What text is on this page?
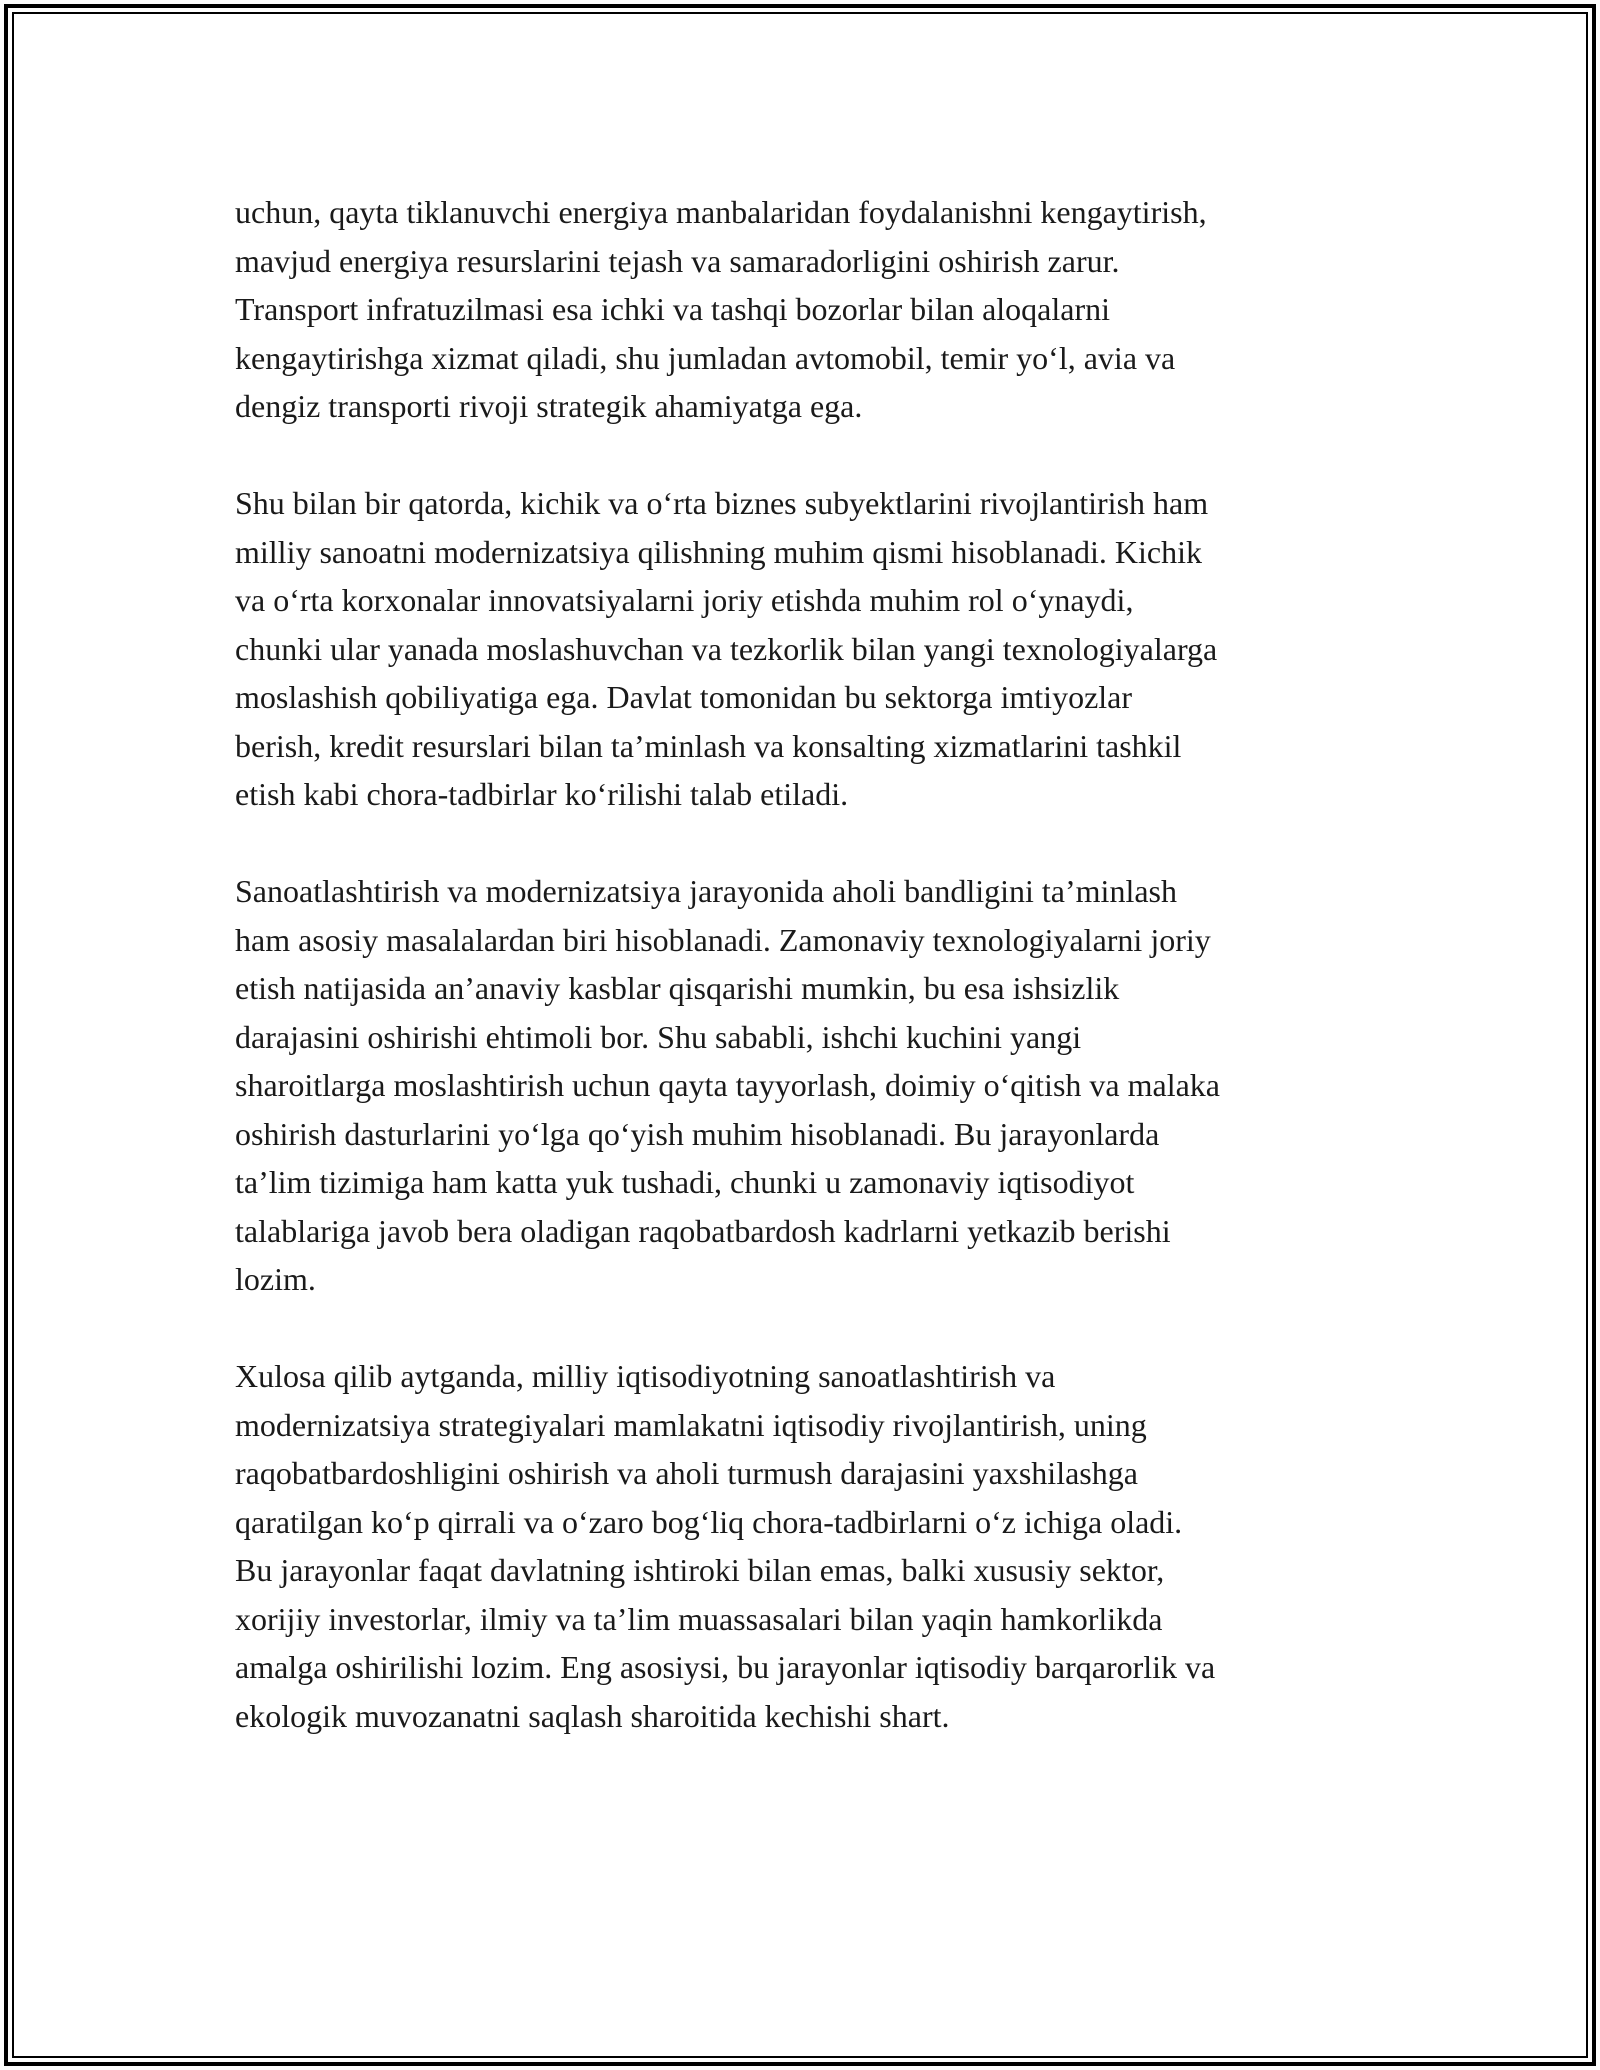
uchun, qayta tiklanuvchi energiya manbalaridan foydalanishni kengaytirish,
mavjud energiya resurslarini tejash va samaradorligini oshirish zarur.
Transport infratuzilmasi esa ichki va tashqi bozorlar bilan aloqalarni
kengaytirishga xizmat qiladi, shu jumladan avtomobil, temir yo‘l, avia va
dengiz transporti rivoji strategik ahamiyatga ega.

Shu bilan bir qatorda, kichik va o‘rta biznes subyektlarini rivojlantirish ham
milliy sanoatni modernizatsiya qilishning muhim qismi hisoblanadi. Kichik
va o‘rta korxonalar innovatsiyalarni joriy etishda muhim rol o‘ynaydi,
chunki ular yanada moslashuvchan va tezkorlik bilan yangi texnologiyalarga
moslashish qobiliyatiga ega. Davlat tomonidan bu sektorga imtiyozlar
berish, kredit resurslari bilan ta’minlash va konsalting xizmatlarini tashkil
etish kabi chora-tadbirlar ko‘rilishi talab etiladi.

Sanoatlashtirish va modernizatsiya jarayonida aholi bandligini ta’minlash
ham asosiy masalalardan biri hisoblanadi. Zamonaviy texnologiyalarni joriy
etish natijasida an’anaviy kasblar qisqarishi mumkin, bu esa ishsizlik
darajasini oshirishi ehtimoli bor. Shu sababli, ishchi kuchini yangi
sharoitlarga moslashtirish uchun qayta tayyorlash, doimiy o‘qitish va malaka
oshirish dasturlarini yo‘lga qo‘yish muhim hisoblanadi. Bu jarayonlarda
ta’lim tizimiga ham katta yuk tushadi, chunki u zamonaviy iqtisodiyot
talablariga javob bera oladigan raqobatbardosh kadrlarni yetkazib berishi
lozim.

Xulosa qilib aytganda, milliy iqtisodiyotning sanoatlashtirish va
modernizatsiya strategiyalari mamlakatni iqtisodiy rivojlantirish, uning
raqobatbardoshligini oshirish va aholi turmush darajasini yaxshilashga
qaratilgan ko‘p qirrali va o‘zaro bog‘liq chora-tadbirlarni o‘z ichiga oladi.
Bu jarayonlar faqat davlatning ishtiroki bilan emas, balki xususiy sektor,
xorijiy investorlar, ilmiy va ta’lim muassasalari bilan yaqin hamkorlikda
amalga oshirilishi lozim. Eng asosiysi, bu jarayonlar iqtisodiy barqarorlik va
ekologik muvozanatni saqlash sharoitida kechishi shart.
